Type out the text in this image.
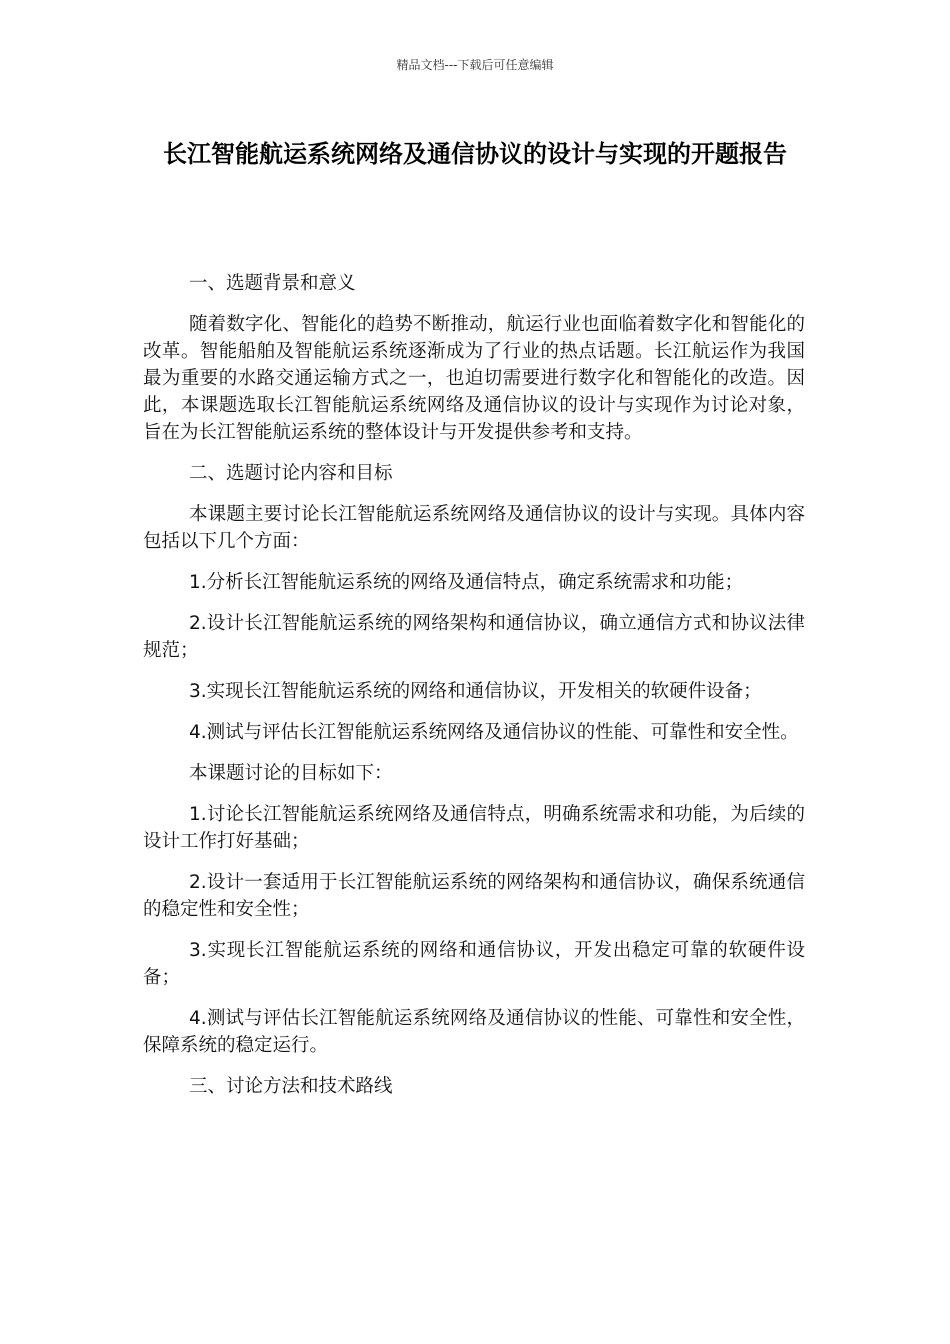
精品文档---下载后可任意编辑
长江智能航运系统网络及通信协议的设计与实现的开题报告

一、选题背景和意义

随着数字化、智能化的趋势不断推动，航运行业也面临着数字化和智能化的改革。智能船舶及智能航运系统逐渐成为了行业的热点话题。长江航运作为我国最为重要的水路交通运输方式之一，也迫切需要进行数字化和智能化的改造。因此，本课题选取长江智能航运系统网络及通信协议的设计与实现作为讨论对象，旨在为长江智能航运系统的整体设计与开发提供参考和支持。

二、选题讨论内容和目标

本课题主要讨论长江智能航运系统网络及通信协议的设计与实现。具体内容包括以下几个方面：

1.分析长江智能航运系统的网络及通信特点，确定系统需求和功能；

2.设计长江智能航运系统的网络架构和通信协议，确立通信方式和协议法律规范；

3.实现长江智能航运系统的网络和通信协议，开发相关的软硬件设备；

4.测试与评估长江智能航运系统网络及通信协议的性能、可靠性和安全性。

本课题讨论的目标如下：

1.讨论长江智能航运系统网络及通信特点，明确系统需求和功能，为后续的设计工作打好基础；

2.设计一套适用于长江智能航运系统的网络架构和通信协议，确保系统通信的稳定性和安全性；

3.实现长江智能航运系统的网络和通信协议，开发出稳定可靠的软硬件设备；

4.测试与评估长江智能航运系统网络及通信协议的性能、可靠性和安全性，保障系统的稳定运行。

三、讨论方法和技术路线
